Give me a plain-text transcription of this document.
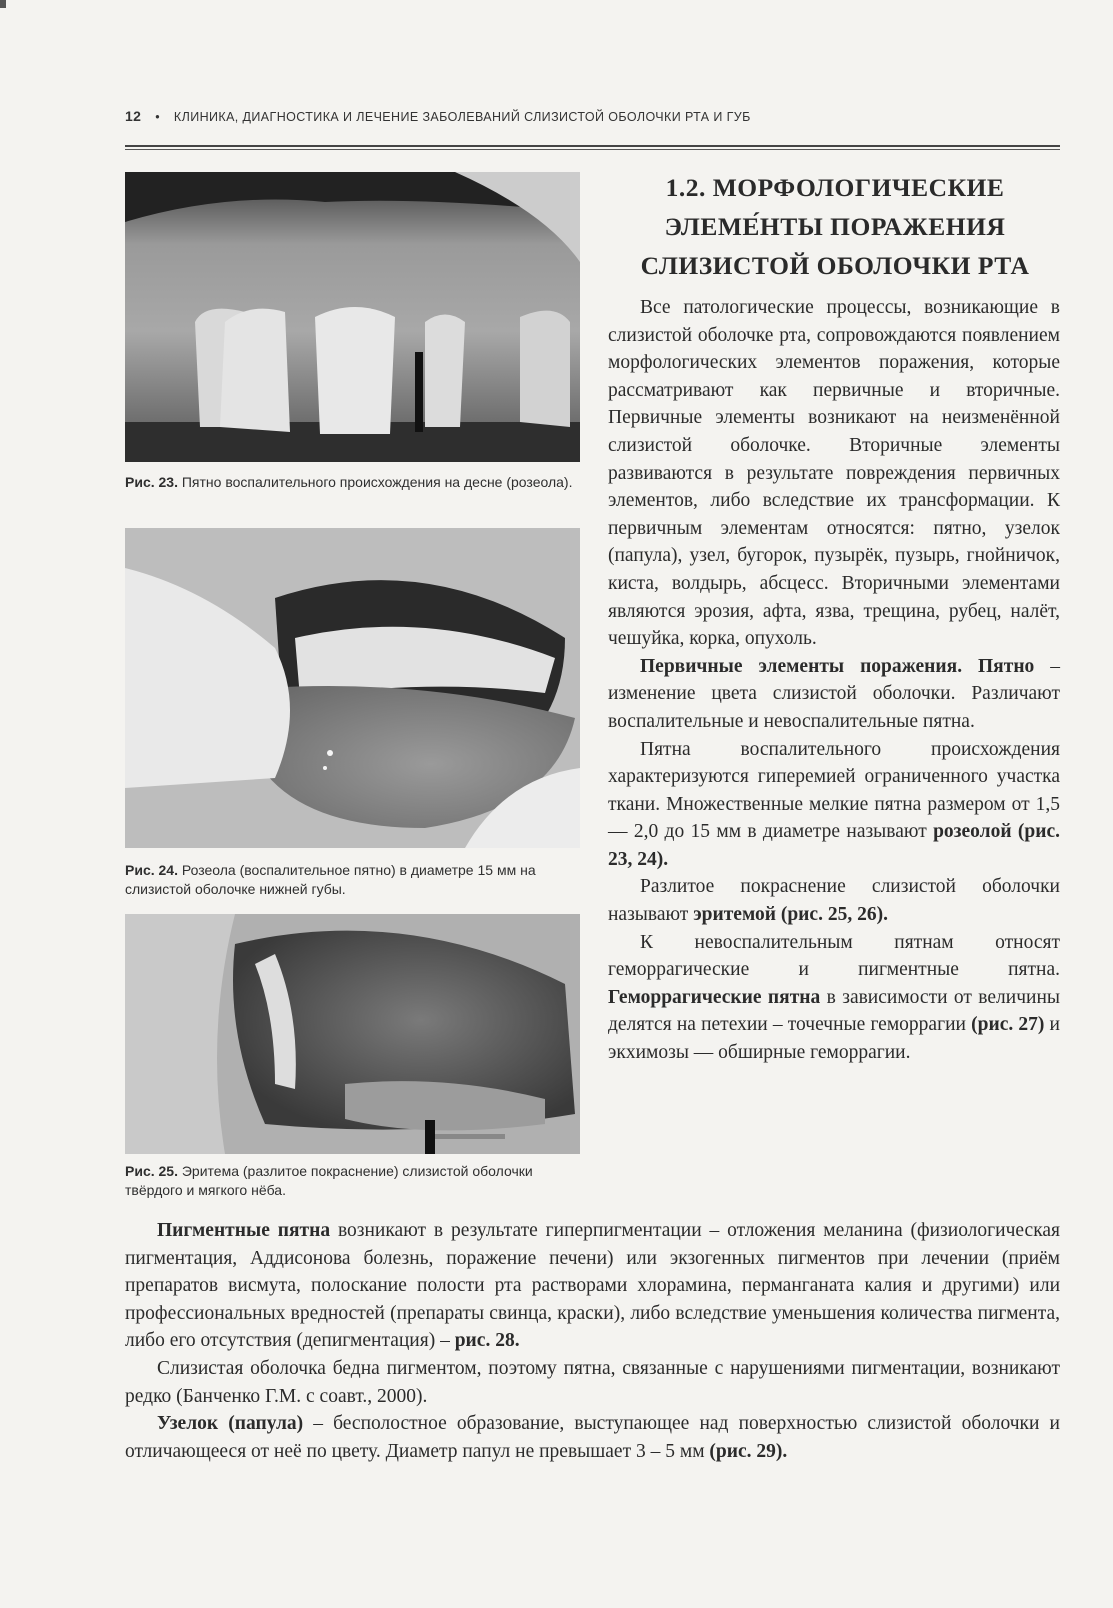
12 • КЛИНИКА, ДИАГНОСТИКА И ЛЕЧЕНИЕ ЗАБОЛЕВАНИЙ СЛИЗИСТОЙ ОБОЛОЧКИ РТА И ГУБ
Рис. 23. Пятно воспалительного происхождения на десне (розеола).
Рис. 24. Розеола (воспалительное пятно) в диаметре 15 мм на слизистой оболочке нижней губы.
Рис. 25. Эритема (разлитое покраснение) слизистой оболочки твёрдого и мягкого нёба.
1.2. МОРФОЛОГИЧЕСКИЕ
ЭЛЕМЕ́НТЫ ПОРАЖЕНИЯ
СЛИЗИСТОЙ ОБОЛОЧКИ РТА

Все патологические процессы, возникающие в слизистой оболочке рта, сопровождаются появлением морфологических элементов поражения, которые рассматривают как первичные и вторичные. Первичные элементы возникают на неизменённой слизистой оболочке. Вторичные элементы развиваются в результате повреждения первичных элементов, либо вследствие их трансформации. К первичным элементам относятся: пятно, узелок (папула), узел, бугорок, пузырёк, пузырь, гнойничок, киста, волдырь, абсцесс. Вторичными элементами являются эрозия, афта, язва, трещина, рубец, налёт, чешуйка, корка, опухоль.

Первичные элементы поражения. Пятно – изменение цвета слизистой оболочки. Различают воспалительные и невоспалительные пятна.

Пятна воспалительного происхождения характеризуются гиперемией ограниченного участка ткани. Множественные мелкие пятна размером от 1,5 — 2,0 до 15 мм в диаметре называют розеолой (рис. 23, 24).

Разлитое покраснение слизистой оболочки называют эритемой (рис. 25, 26).

К невоспалительным пятнам относят геморрагические и пигментные пятна. Геморрагические пятна в зависимости от величины делятся на петехии – точечные геморрагии (рис. 27) и экхимозы — обширные геморрагии.

Пигментные пятна возникают в результате гиперпигментации – отложения меланина (физиологическая пигментация, Аддисонова болезнь, поражение печени) или экзогенных пигментов при лечении (приём препаратов висмута, полоскание полости рта растворами хлорамина, перманганата калия и другими) или профессиональных вредностей (препараты свинца, краски), либо вследствие уменьшения количества пигмента, либо его отсутствия (депигментация) – рис. 28.

Слизистая оболочка бедна пигментом, поэтому пятна, связанные с нарушениями пигментации, возникают редко (Банченко Г.М. с соавт., 2000).

Узелок (папула) – бесполостное образование, выступающее над поверхностью слизистой оболочки и отличающееся от неё по цвету. Диаметр папул не превышает 3 – 5 мм (рис. 29).
